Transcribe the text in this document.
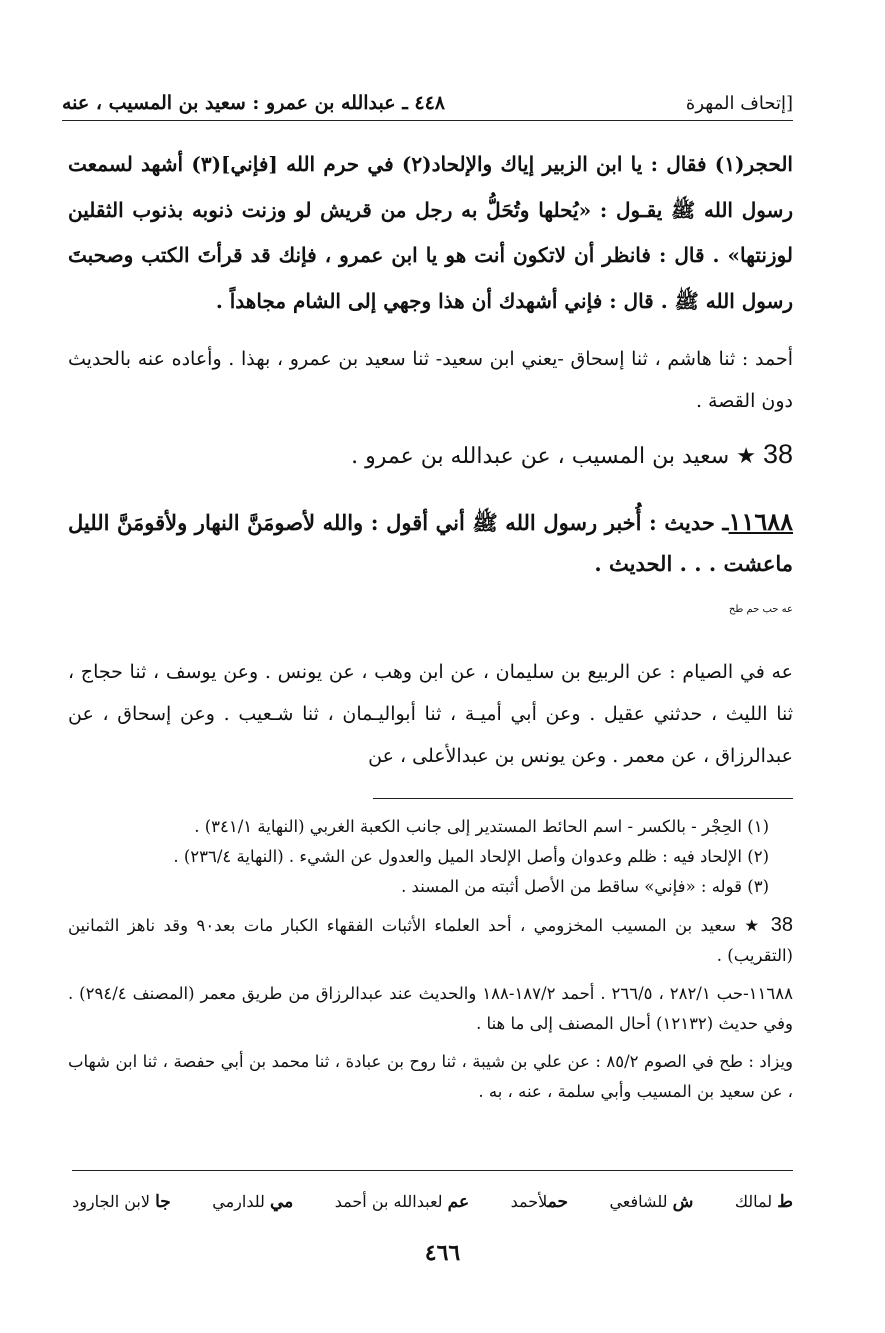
٤٤٨ ـ عبدالله بن عمرو : سعيد بن المسيب ، عنه	[إتحاف المهرة

الحجر(١) فقال : يا ابن الزبير إياك والإلحاد(٢) في حرم الله [فإني](٣) أشهد لسمعت رسول الله ﷺ يقـول : «يُحلها وتُحَلُّ به رجل من قريش لو وزنت ذنوبه بذنوب الثقلين لوزنتها» . قال : فانظر أن لاتكون أنت هو يا ابن عمرو ، فإنك قد قرأتَ الكتب وصحبتَ رسول الله ﷺ . قال : فإني أشهدك أن هذا وجهي إلى الشام مجاهداً .

أحمد : ثنا هاشم ، ثنا إسحاق -يعني ابن سعيد- ثنا سعيد بن عمرو ، بهذا . وأعاده عنه بالحديث دون القصة .

38 ★ سعيد بن المسيب ، عن عبدالله بن عمرو .

١١٦٨٨ـ حديث : أُخبر رسول الله ﷺ أني أقول : والله لأصومَنَّ النهار ولأقومَنَّ الليل ماعشت . . . الحديث .
عه حب حم طح

عه في الصيام : عن الربيع بن سليمان ، عن ابن وهب ، عن يونس . وعن يوسف ، ثنا حجاج ، ثنا الليث ، حدثني عقيل . وعن أبي أميـة ، ثنا أبواليـمان ، ثنا شـعيب . وعن إسحاق ، عن عبدالرزاق ، عن معمر . وعن يونس بن عبدالأعلى ، عن

(١) الحِجْر - بالكسر - اسم الحائط المستدير إلى جانب الكعبة الغربي (النهاية ٣٤١/١) .

(٢) الإلحاد فيه : ظلم وعدوان وأصل الإلحاد الميل والعدول عن الشيء . (النهاية ٢٣٦/٤) .

(٣) قوله : «فإني» ساقط من الأصل أثبته من المسند .

38 ★ سعيد بن المسيب المخزومي ، أحد العلماء الأثبات الفقهاء الكبار مات بعد٩٠ وقد ناهز الثمانين (التقريب) .

١١٦٨٨-حب ٢٨٢/١ ، ٢٦٦/٥ . أحمد ١٨٧/٢-١٨٨ والحديث عند عبدالرزاق من طريق معمر (المصنف ٢٩٤/٤) . وفي حديث (١٢١٣٢) أحال المصنف إلى ما هنا .

ويزاد : طح في الصوم ٨٥/٢ : عن علي بن شيبة ، ثنا روح بن عبادة ، ثنا محمد بن أبي حفصة ، ثنا ابن شهاب ، عن سعيد بن المسيب وأبي سلمة ، عنه ، به .

ط لمالك
ش للشافعي
حملأحمد
عم لعبدالله بن أحمد
مي للدارمي
جا لابن الجارود
٤٦٦
